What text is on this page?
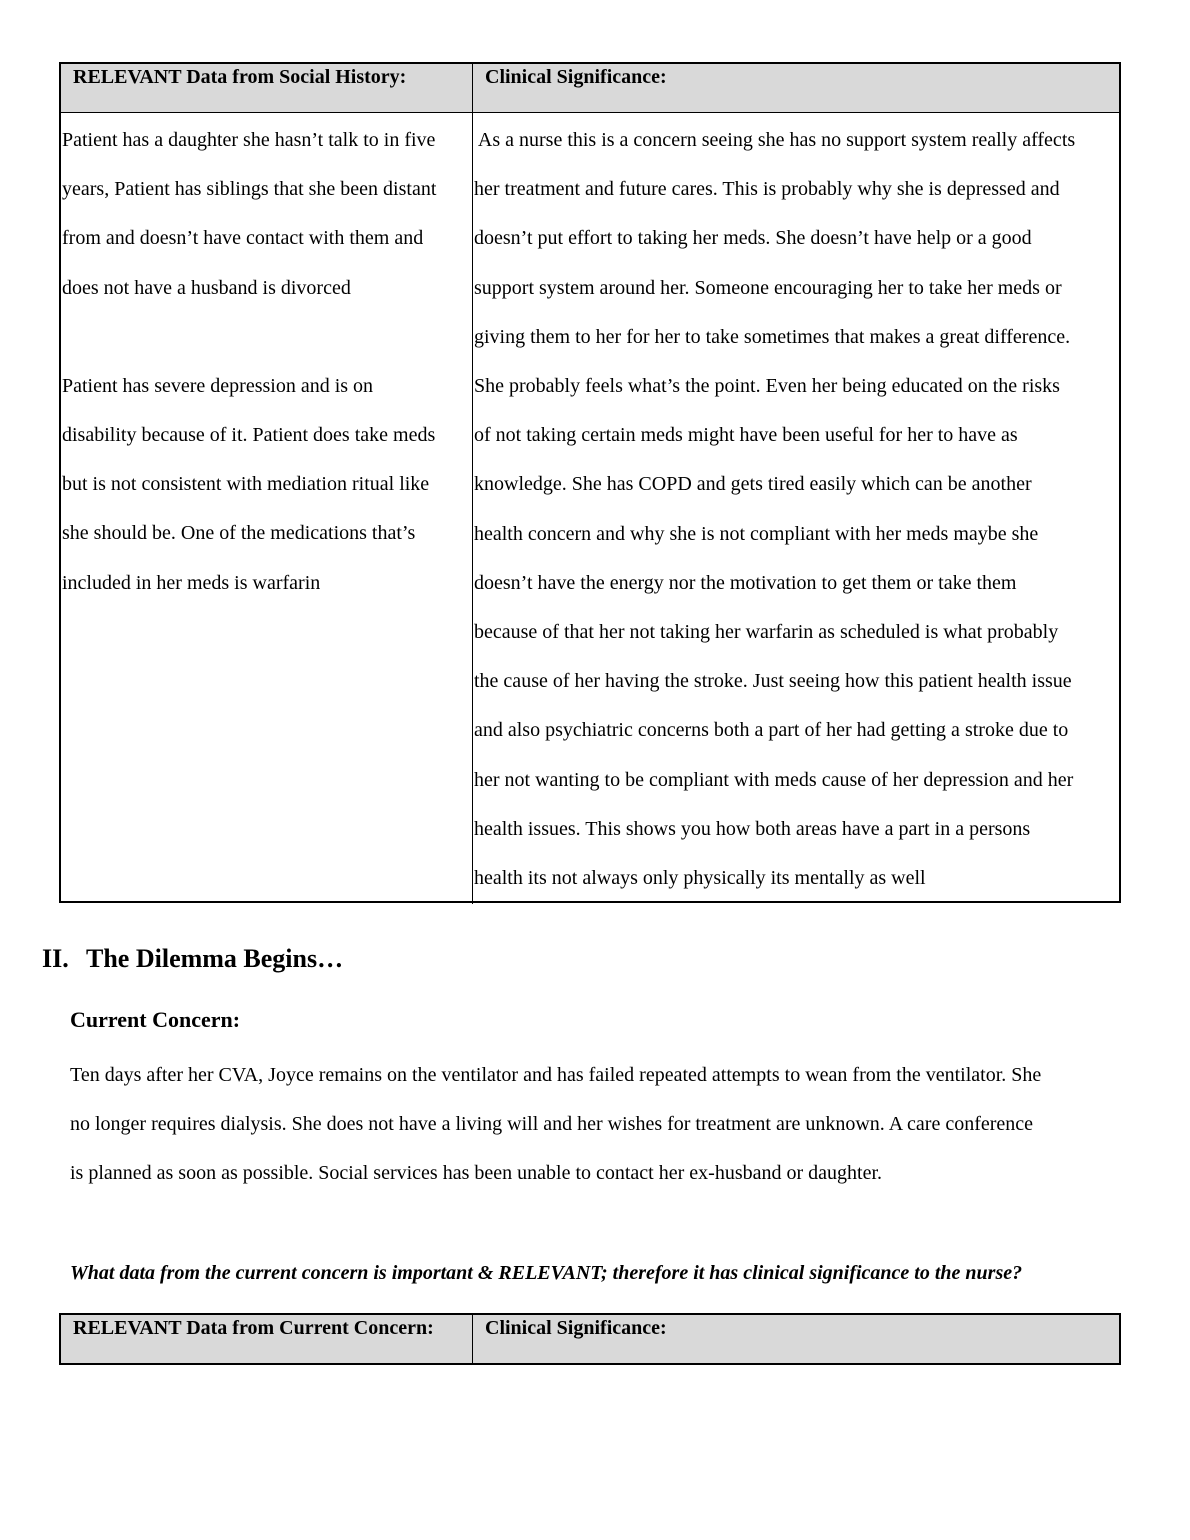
RELEVANT Data from Social History:	Clinical Significance:

Patient has a daughter she hasn’t talk to in five
years, Patient has siblings that she been distant
from and doesn’t have contact with them and
does not have a husband is divorced

Patient has severe depression and is on
disability because of it. Patient does take meds
but is not consistent with mediation ritual like
she should be. One of the medications that’s
included in her meds is warfarin

As a nurse this is a concern seeing she has no support system really affects
her treatment and future cares. This is probably why she is depressed and
doesn’t put effort to taking her meds. She doesn’t have help or a good
support system around her. Someone encouraging her to take her meds or
giving them to her for her to take sometimes that makes a great difference.
She probably feels what’s the point. Even her being educated on the risks
of not taking certain meds might have been useful for her to have as
knowledge. She has COPD and gets tired easily which can be another
health concern and why she is not compliant with her meds maybe she
doesn’t have the energy nor the motivation to get them or take them
because of that her not taking her warfarin as scheduled is what probably
the cause of her having the stroke. Just seeing how this patient health issue
and also psychiatric concerns both a part of her had getting a stroke due to
her not wanting to be compliant with meds cause of her depression and her
health issues. This shows you how both areas have a part in a persons
health its not always only physically its mentally as well

II. The Dilemma Begins…
Current Concern:

Ten days after her CVA, Joyce remains on the ventilator and has failed repeated attempts to wean from the ventilator. She
no longer requires dialysis. She does not have a living will and her wishes for treatment are unknown. A care conference
is planned as soon as possible. Social services has been unable to contact her ex-husband or daughter.

What data from the current concern is important & RELEVANT; therefore it has clinical significance to the nurse?

RELEVANT Data from Current Concern:	Clinical Significance:
